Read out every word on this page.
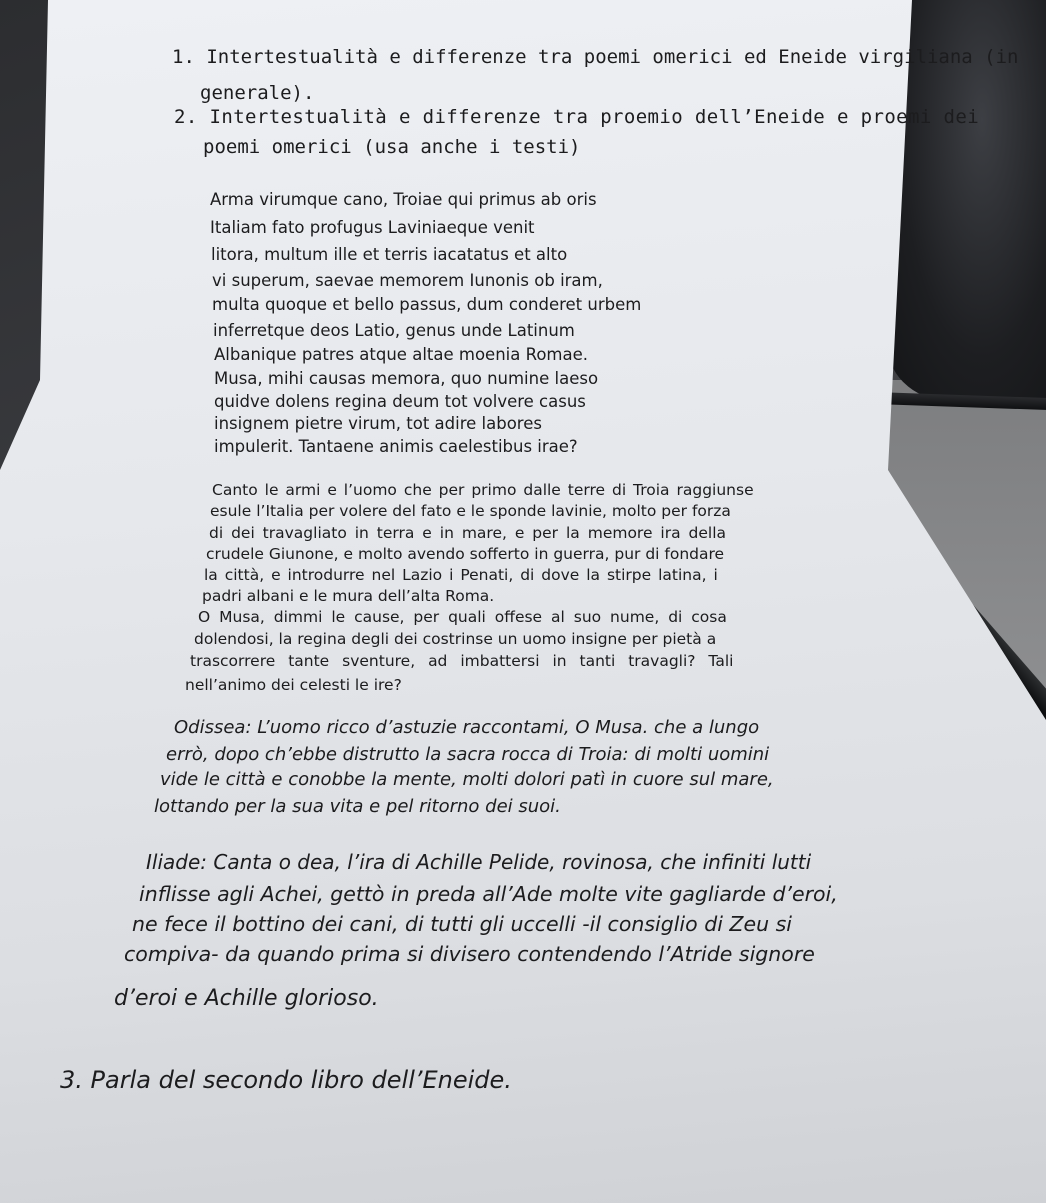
1. Intertestualità e differenze tra poemi omerici ed Eneide virgiliana (in

generale).

2. Intertestualità e differenze tra proemio dell’Eneide e proemi dei

poemi omerici (usa anche i testi)

Arma virumque cano, Troiae qui primus ab oris

Italiam fato profugus Laviniaeque venit

litora, multum ille et terris iacatatus et alto

vi superum, saevae memorem Iunonis ob iram,

multa quoque et bello passus, dum conderet urbem

inferretque deos Latio, genus unde Latinum

Albanique patres atque altae moenia Romae.

Musa, mihi causas memora, quo numine laeso

quidve dolens regina deum tot volvere casus

insignem pietre virum, tot adire labores

impulerit. Tantaene animis caelestibus irae?

Canto le armi e l’uomo che per primo dalle terre di Troia raggiunse

esule l’Italia per volere del fato e le sponde lavinie, molto per forza

di dei travagliato in terra e in mare, e per la memore ira della

crudele Giunone, e molto avendo sofferto in guerra, pur di fondare

la città, e introdurre nel Lazio i Penati, di dove la stirpe latina, i

padri albani e le mura dell’alta Roma.

O Musa, dimmi le cause, per quali offese al suo nume, di cosa

dolendosi, la regina degli dei costrinse un uomo insigne per pietà a

trascorrere tante sventure, ad imbattersi in tanti travagli? Tali

nell’animo dei celesti le ire?

Odissea: L’uomo ricco d’astuzie raccontami, O Musa. che a lungo

errò, dopo ch’ebbe distrutto la sacra rocca di Troia: di molti uomini

vide le città e conobbe la mente, molti dolori patì in cuore sul mare,

lottando per la sua vita e pel ritorno dei suoi.

Iliade: Canta o dea, l’ira di Achille Pelide, rovinosa, che infiniti lutti

inflisse agli Achei, gettò in preda all’Ade molte vite gagliarde d’eroi,

ne fece il bottino dei cani, di tutti gli uccelli -il consiglio di Zeu si

compiva- da quando prima si divisero contendendo l’Atride signore

d’eroi e Achille glorioso.

3. Parla del secondo libro dell’Eneide.
